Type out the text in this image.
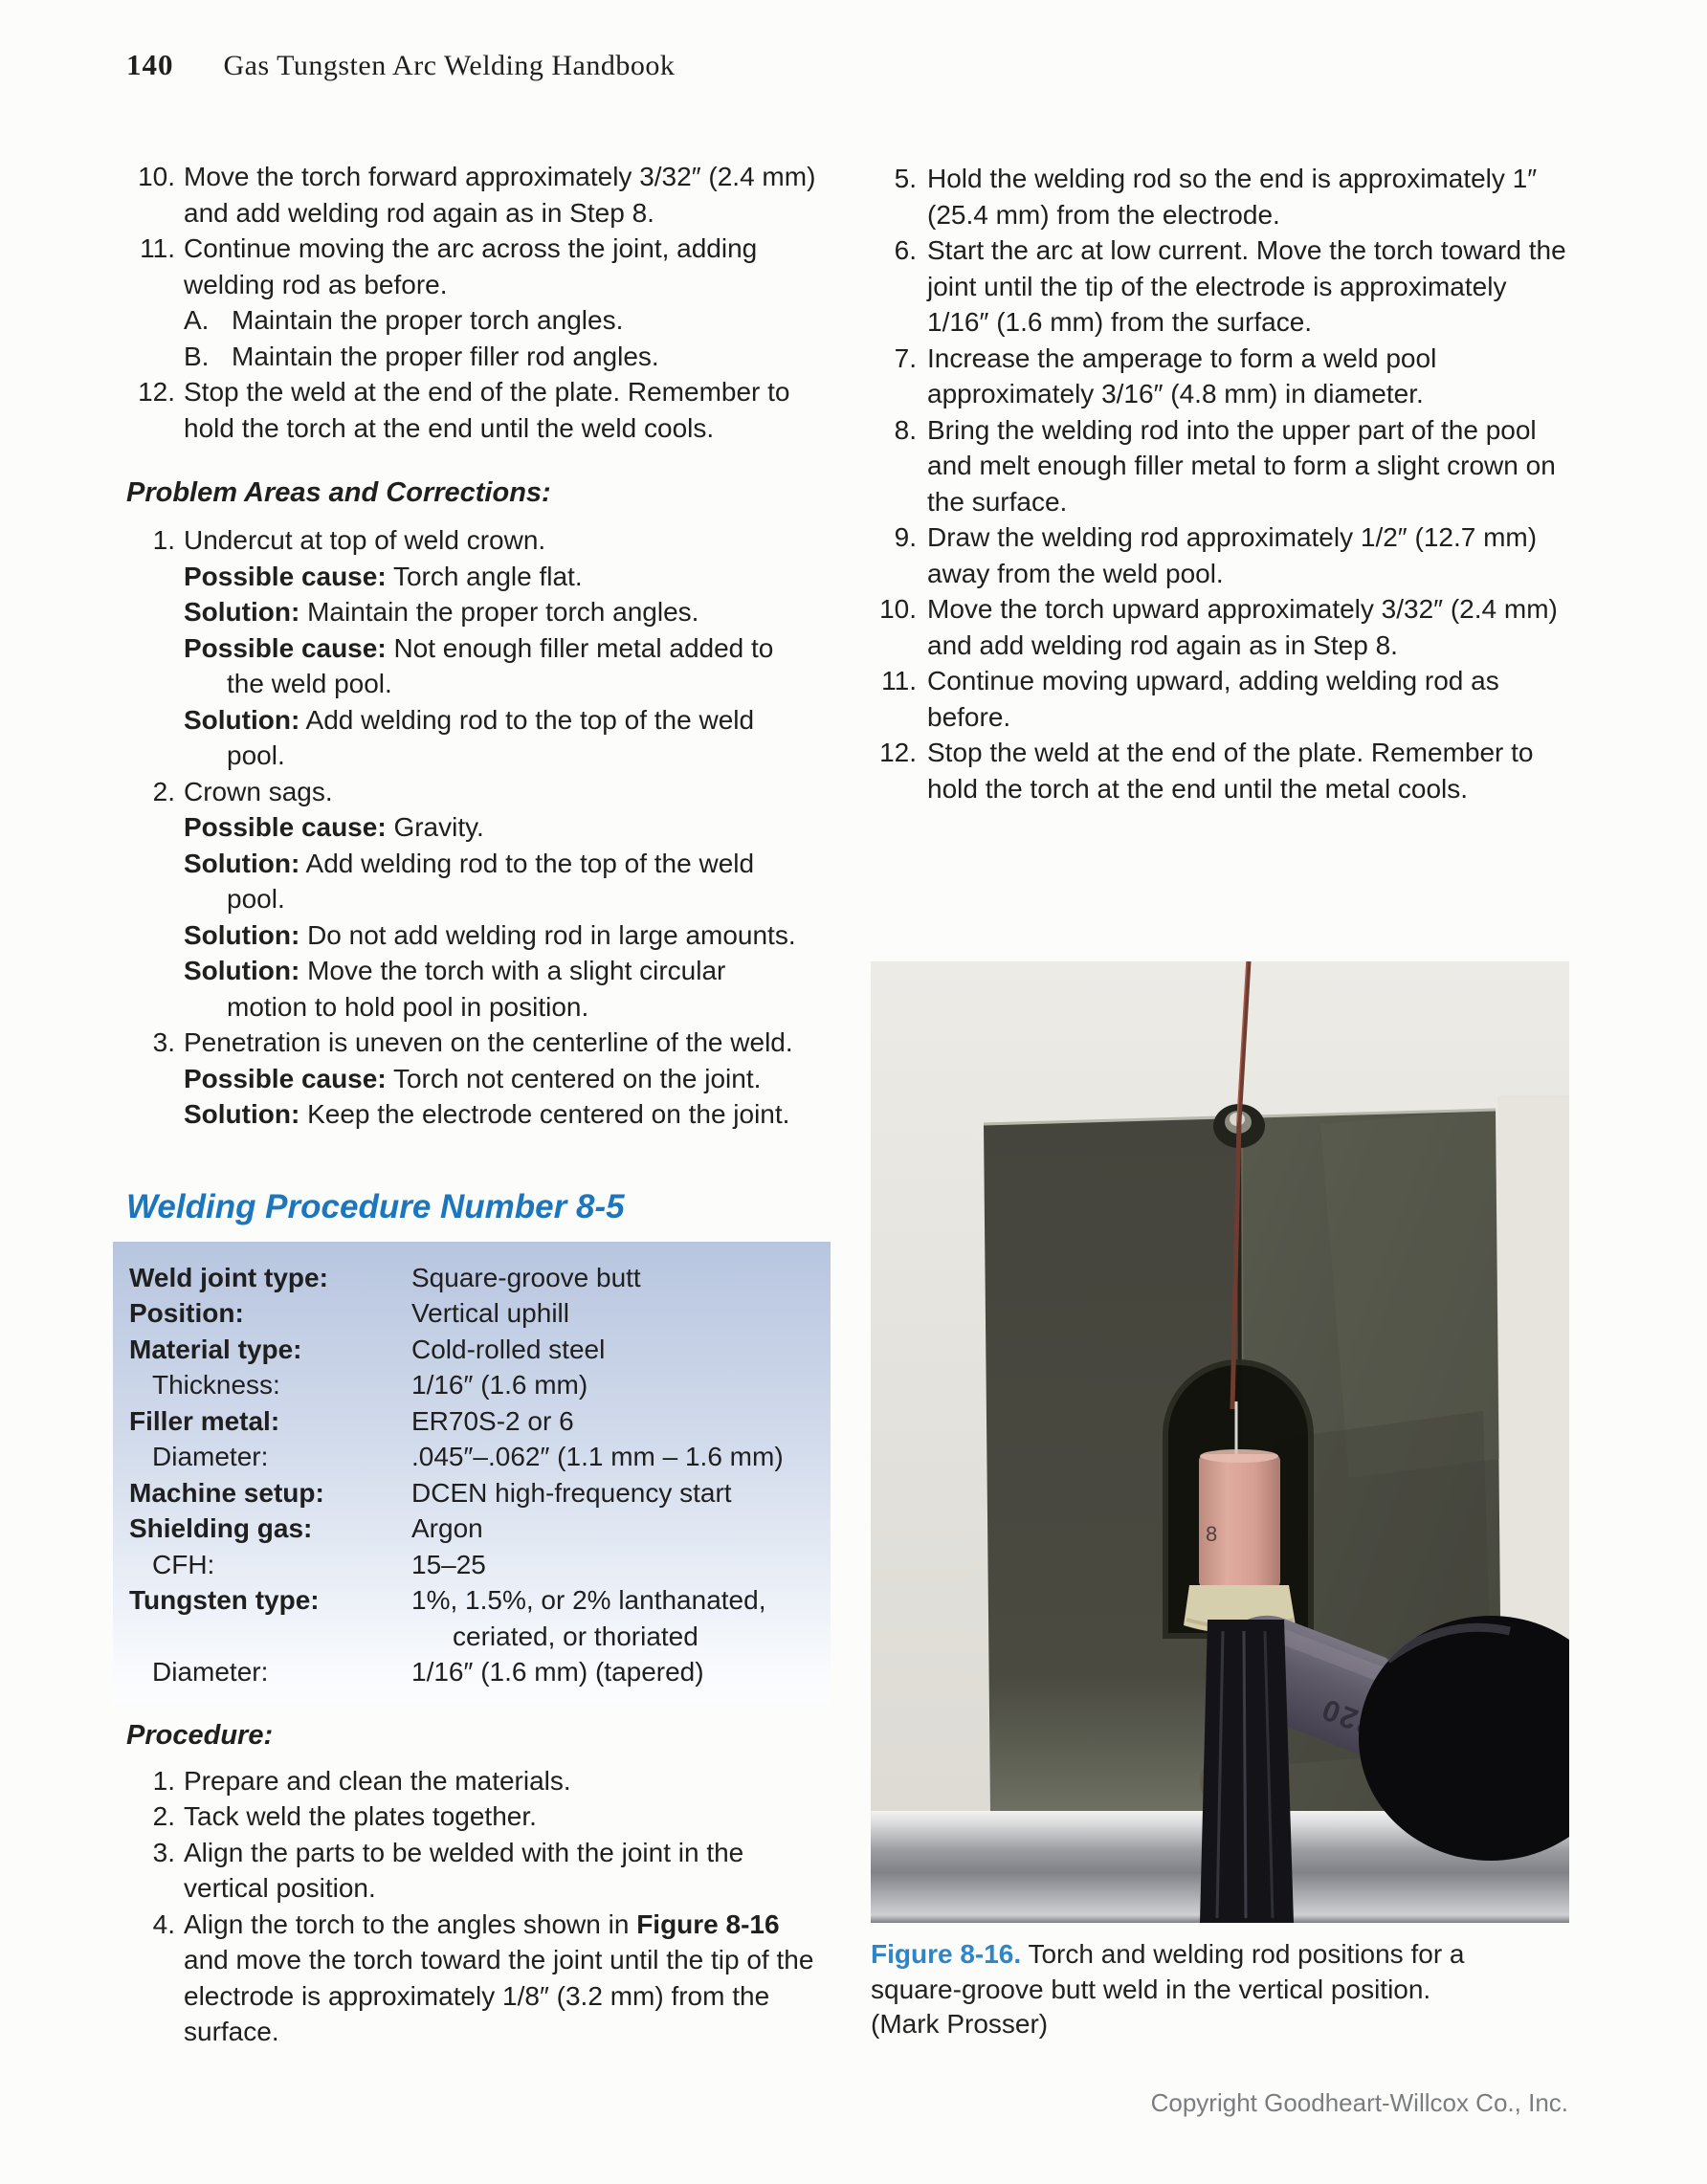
140 Gas Tungsten Arc Welding Handbook
10. Move the torch forward approximately 3/32″ (2.4 mm) and add welding rod again as in Step 8.
11. Continue moving the arc across the joint, adding welding rod as before.
A. Maintain the proper torch angles.
B. Maintain the proper filler rod angles.
12. Stop the weld at the end of the plate. Remember to hold the torch at the end until the weld cools.
Problem Areas and Corrections:
1. Undercut at top of weld crown.
Possible cause: Torch angle flat.
Solution: Maintain the proper torch angles.
Possible cause: Not enough filler metal added to the weld pool.
Solution: Add welding rod to the top of the weld pool.
2. Crown sags.
Possible cause: Gravity.
Solution: Add welding rod to the top of the weld pool.
Solution: Do not add welding rod in large amounts.
Solution: Move the torch with a slight circular motion to hold pool in position.
3. Penetration is uneven on the centerline of the weld.
Possible cause: Torch not centered on the joint.
Solution: Keep the electrode centered on the joint.
Welding Procedure Number 8-5
Weld joint type:	Square-groove butt
Position:	Vertical uphill
Material type:	Cold-rolled steel
Thickness:	1/16″ (1.6 mm)
Filler metal:	ER70S-2 or 6
Diameter:	.045″–.062″ (1.1 mm – 1.6 mm)
Machine setup:	DCEN high-frequency start
Shielding gas:	Argon
CFH:	15–25
Tungsten type:	1%, 1.5%, or 2% lanthanated,
ceriated, or thoriated
Diameter:	1/16″ (1.6 mm) (tapered)
Procedure:
1. Prepare and clean the materials.
2. Tack weld the plates together.
3. Align the parts to be welded with the joint in the vertical position.
4. Align the torch to the angles shown in Figure 8-16 and move the torch toward the joint until the tip of the electrode is approximately 1/8″ (3.2 mm) from the surface.
5. Hold the welding rod so the end is approximately 1″ (25.4 mm) from the electrode.
6. Start the arc at low current. Move the torch toward the joint until the tip of the electrode is approximately 1/16″ (1.6 mm) from the surface.
7. Increase the amperage to form a weld pool approximately 3/16″ (4.8 mm) in diameter.
8. Bring the welding rod into the upper part of the pool and melt enough filler metal to form a slight crown on the surface.
9. Draw the welding rod approximately 1/2″ (12.7 mm) away from the weld pool.
10. Move the torch upward approximately 3/32″ (2.4 mm) and add welding rod again as in Step 8.
11. Continue moving upward, adding welding rod as before.
12. Stop the weld at the end of the plate. Remember to hold the torch at the end until the metal cools.
8
Figure 8-16. Torch and welding rod positions for a square-groove butt weld in the vertical position.
(Mark Prosser)
Copyright Goodheart-Willcox Co., Inc.
